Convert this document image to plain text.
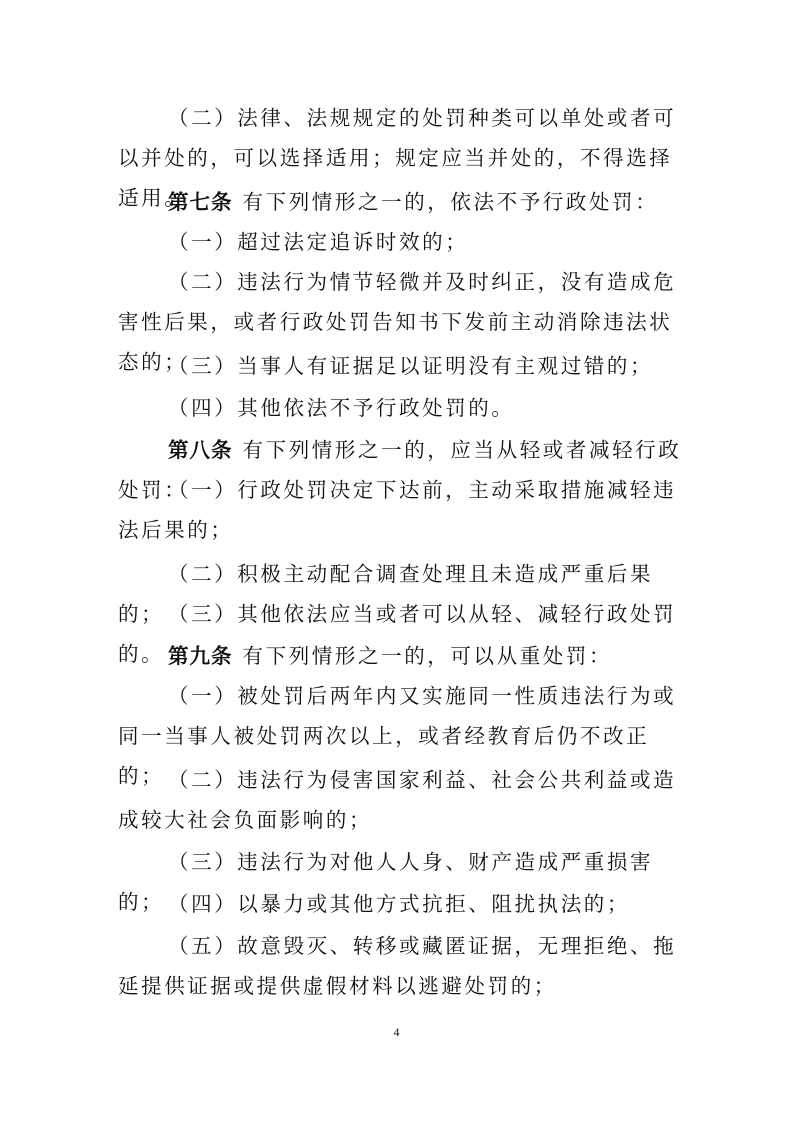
（二）法律、法规规定的处罚种类可以单处或者可以并处的，可以选择适用；规定应当并处的，不得选择适用。

第七条 有下列情形之一的，依法不予行政处罚：

（一）超过法定追诉时效的；

（二）违法行为情节轻微并及时纠正，没有造成危害性后果，或者行政处罚告知书下发前主动消除违法状态的；

（三）当事人有证据足以证明没有主观过错的；

（四）其他依法不予行政处罚的。

第八条 有下列情形之一的，应当从轻或者减轻行政处罚：

（一）行政处罚决定下达前，主动采取措施减轻违法后果的；

（二）积极主动配合调查处理且未造成严重后果的； （三）其他依法应当或者可以从轻、减轻行政处罚的。 第九条 有下列情形之一的，可以从重处罚：

（一）被处罚后两年内又实施同一性质违法行为或同一当事人被处罚两次以上，或者经教育后仍不改正的； （二）违法行为侵害国家利益、社会公共利益或造成较大社会负面影响的；

（三）违法行为对他人人身、财产造成严重损害的； （四）以暴力或其他方式抗拒、阻扰执法的；

（五）故意毁灭、转移或藏匿证据，无理拒绝、拖延提供证据或提供虚假材料以逃避处罚的；

4
